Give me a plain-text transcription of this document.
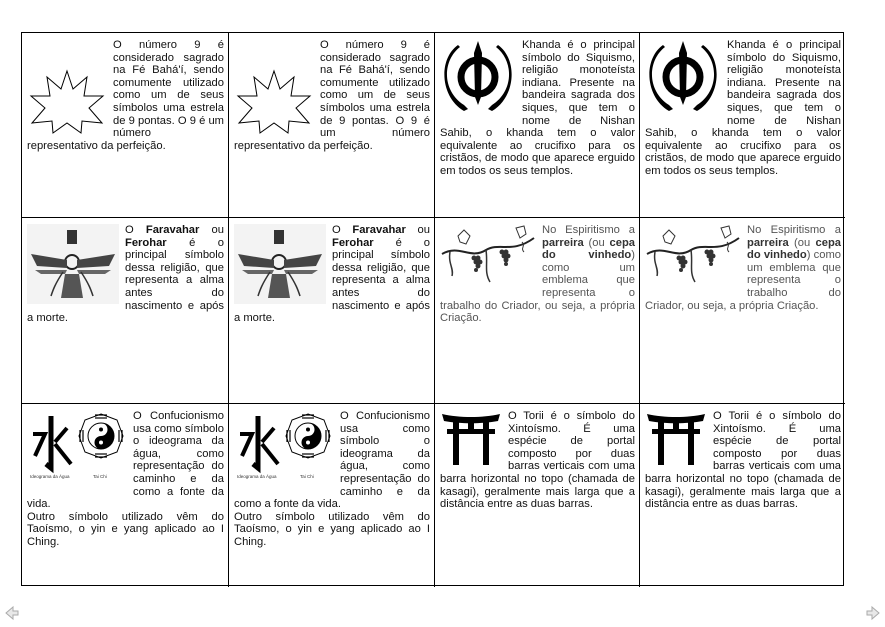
O número 9 é considerado sagrado na Fé Bahá'í, sendo comumente utilizado como um de seus símbolos uma estrela de 9 pontas. O 9 é um número representativo da perfeição.
O número 9 é considerado sagrado na Fé Bahá'í, sendo comumente utilizado como um de seus símbolos uma estrela de 9 pontas. O 9 é um número representativo da perfeição.
Khanda é o principal símbolo do Siquismo, religião monoteísta indiana. Presente na bandeira sagrada dos siques, que tem o nome de Nishan Sahib, o khanda tem o valor equivalente ao crucifixo para os cristãos, de modo que aparece erguido em todos os seus templos.
Khanda é o principal símbolo do Siquismo, religião monoteísta indiana. Presente na bandeira sagrada dos siques, que tem o nome de Nishan Sahib, o khanda tem o valor equivalente ao crucifixo para os cristãos, de modo que aparece erguido em todos os seus templos.
O Faravahar ou Ferohar é o principal símbolo dessa religião, que representa a alma antes do nascimento e após a morte.
O Faravahar ou Ferohar é o principal símbolo dessa religião, que representa a alma antes do nascimento e após a morte.
No Espiritismo a parreira (ou cepa do vinhedo) como um emblema que representa o trabalho do Criador, ou seja, a própria Criação.
No Espiritismo a parreira (ou cepa do vinhedo) como um emblema que representa o trabalho do Criador, ou seja, a própria Criação.
Ideograma da Água	Tai Chi
O Confucionismo usa como símbolo o ideograma da água, como representação do caminho e da como a fonte da vida.
Outro símbolo utilizado vêm do Taoísmo, o yin e yang aplicado ao I Ching.
Ideograma da Água	Tai Chi
O Confucionismo usa como símbolo o ideograma da água, como representação do caminho e da como a fonte da vida.
Outro símbolo utilizado vêm do Taoísmo, o yin e yang aplicado ao I Ching.
O Torii é o símbolo do Xintoísmo. É uma espécie de portal composto por duas barras verticais com uma barra horizontal no topo (chamada de kasagi), geralmente mais larga que a distância entre as duas barras.
O Torii é o símbolo do Xintoísmo. É uma espécie de portal composto por duas barras verticais com uma barra horizontal no topo (chamada de kasagi), geralmente mais larga que a distância entre as duas barras.
